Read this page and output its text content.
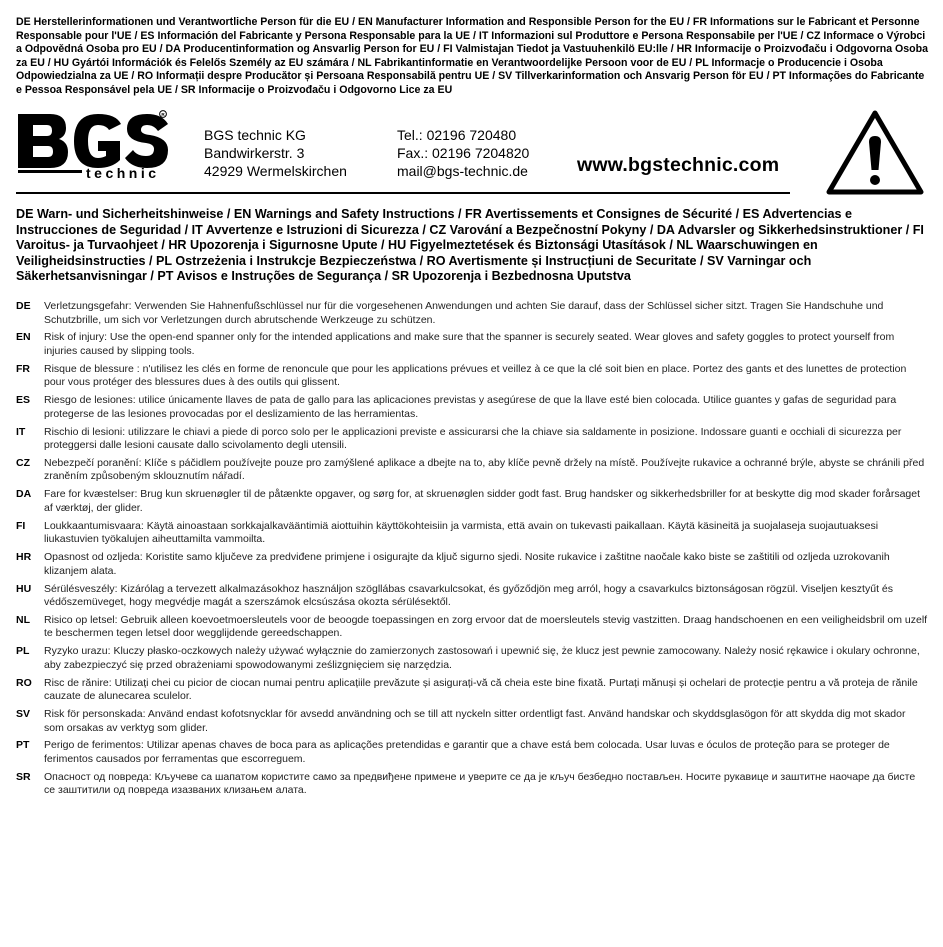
DE Herstellerinformationen und Verantwortliche Person für die EU / EN Manufacturer Information and Responsible Person for the EU / FR Informations sur le Fabricant et Personne Responsable pour l'UE / ES Información del Fabricante y Persona Responsable para la UE / IT Informazioni sul Produttore e Persona Responsabile per l'UE / CZ Informace o Výrobci a Odpovědná Osoba pro EU / DA Producentinformation og Ansvarlig Person for EU / FI Valmistajan Tiedot ja Vastuuhenkilö EU:lle / HR Informacije o Proizvođaču i Odgovorna Osoba za EU / HU Gyártói Információk és Felelős Személy az EU számára / NL Fabrikantinformatie en Verantwoordelijke Persoon voor de EU / PL Informacje o Producencie i Osoba Odpowiedzialna za UE / RO Informații despre Producător și Persoana Responsabilă pentru UE / SV Tillverkarinformation och Ansvarig Person för EU / PT Informações do Fabricante e Pessoa Responsável pela UE / SR Informacije o Proizvođaču i Odgovorno Lice za EU

R
technic
BGS technic KG
Bandwirkerstr. 3
42929 Wermelskirchen
Tel.: 02196 720480
Fax.: 02196 7204820
mail@bgs-technic.de	www.bgstechnic.com

DE Warn- und Sicherheitshinweise / EN Warnings and Safety Instructions / FR Avertissements et Consignes de Sécurité / ES Advertencias e Instrucciones de Seguridad / IT Avvertenze e Istruzioni di Sicurezza / CZ Varování a Bezpečnostní Pokyny / DA Advarsler og Sikkerhedsinstruktioner / FI Varoitus- ja Turvaohjeet / HR Upozorenja i Sigurnosne Upute / HU Figyelmeztetések és Biztonsági Utasítások / NL Waarschuwingen en Veiligheidsinstructies / PL Ostrzeżenia i Instrukcje Bezpieczeństwa / RO Avertismente și Instrucțiuni de Securitate / SV Varningar och Säkerhetsanvisningar / PT Avisos e Instruções de Segurança / SR Upozorenja i Bezbednosna Uputstva

DE	Verletzungsgefahr: Verwenden Sie Hahnenfußschlüssel nur für die vorgesehenen Anwendungen und achten Sie darauf, dass der Schlüssel sicher sitzt. Tragen Sie Handschuhe und Schutzbrille, um sich vor Verletzungen durch abrutschende Werkzeuge zu schützen.
EN	Risk of injury: Use the open-end spanner only for the intended applications and make sure that the spanner is securely seated. Wear gloves and safety goggles to protect yourself from injuries caused by slipping tools.
FR	Risque de blessure : n'utilisez les clés en forme de renoncule que pour les applications prévues et veillez à ce que la clé soit bien en place. Portez des gants et des lunettes de protection pour vous protéger des blessures dues à des outils qui glissent.
ES	Riesgo de lesiones: utilice únicamente llaves de pata de gallo para las aplicaciones previstas y asegúrese de que la llave esté bien colocada. Utilice guantes y gafas de seguridad para protegerse de las lesiones provocadas por el deslizamiento de las herramientas.
IT	Rischio di lesioni: utilizzare le chiavi a piede di porco solo per le applicazioni previste e assicurarsi che la chiave sia saldamente in posizione. Indossare guanti e occhiali di sicurezza per proteggersi dalle lesioni causate dallo scivolamento degli utensili.
CZ	Nebezpečí poranění: Klíče s páčidlem používejte pouze pro zamýšlené aplikace a dbejte na to, aby klíče pevně držely na místě. Používejte rukavice a ochranné brýle, abyste se chránili před zraněním způsobeným sklouznutím nářadí.
DA	Fare for kvæstelser: Brug kun skruenøgler til de påtænkte opgaver, og sørg for, at skruenøglen sidder godt fast. Brug handsker og sikkerhedsbriller for at beskytte dig mod skader forårsaget af værktøj, der glider.
FI	Loukkaantumisvaara: Käytä ainoastaan sorkkajalkavääntimiä aiottuihin käyttökohteisiin ja varmista, että avain on tukevasti paikallaan. Käytä käsineitä ja suojalaseja suojautuaksesi liukastuvien työkalujen aiheuttamilta vammoilta.
HR	Opasnost od ozljeda: Koristite samo ključeve za predviđene primjene i osigurajte da ključ sigurno sjedi. Nosite rukavice i zaštitne naočale kako biste se zaštitili od ozljeda uzrokovanih klizanjem alata.
HU	Sérülésveszély: Kizárólag a tervezett alkalmazásokhoz használjon szögllábas csavarkulcsokat, és győződjön meg arról, hogy a csavarkulcs biztonságosan rögzül. Viseljen kesztyűt és védőszemüveget, hogy megvédje magát a szerszámok elcsúszása okozta sérülésektől.
NL	Risico op letsel: Gebruik alleen koevoetmoersleutels voor de beoogde toepassingen en zorg ervoor dat de moersleutels stevig vastzitten. Draag handschoenen en een veiligheidsbril om uzelf te beschermen tegen letsel door wegglijdende gereedschappen.
PL	Ryzyko urazu: Kluczy płasko-oczkowych należy używać wyłącznie do zamierzonych zastosowań i upewnić się, że klucz jest pewnie zamocowany. Należy nosić rękawice i okulary ochronne, aby zabezpieczyć się przed obrażeniami spowodowanymi ześlizgnięciem się narzędzia.
RO	Risc de rănire: Utilizați chei cu picior de ciocan numai pentru aplicațiile prevăzute și asigurați-vă că cheia este bine fixată. Purtați mănuși și ochelari de protecție pentru a vă proteja de rănile cauzate de alunecarea sculelor.
SV	Risk för personskada: Använd endast kofotsnycklar för avsedd användning och se till att nyckeln sitter ordentligt fast. Använd handskar och skyddsglasögon för att skydda dig mot skador som orsakas av verktyg som glider.
PT	Perigo de ferimentos: Utilizar apenas chaves de boca para as aplicações pretendidas e garantir que a chave está bem colocada. Usar luvas e óculos de proteção para se proteger de ferimentos causados por ferramentas que escorreguem.
SR	Опасност од повреда: Кључеве са шапатом користите само за предвиђене примене и уверите се да је кључ безбедно постављен. Носите рукавице и заштитне наочаре да бисте се заштитили од повреда изазваних клизањем алата.
